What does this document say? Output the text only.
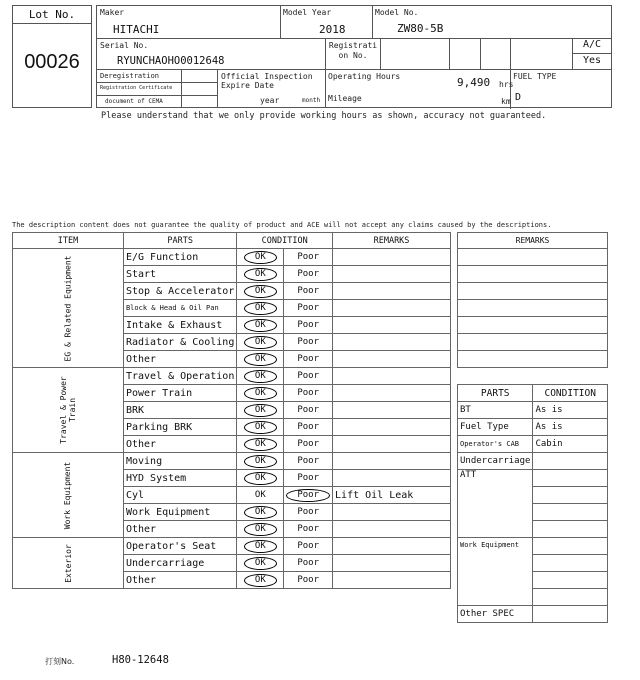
Lot No.
00026
Maker
HITACHI
Model Year
2018
Model No.
ZW80-5B
Serial No.
RYUNCHAOHO0012648
Registrati on No.
A/C
Yes
Deregistration
Registration Certificate
document of CEMA
Official Inspection
Expire Date
year	month
Operating Hours	9,490 hrs
Mileage	km
FUEL TYPE
D
Please understand that we only provide working hours as shown, accuracy not guaranteed.
The description content does not guarantee the quality of product and ACE will not accept any claims caused by the descriptions.
ITEM	PARTS	CONDITION		REMARKS
EG & Related Equipment	E/G Function	OK	Poor	
	Start	OK	Poor	
	Stop & Accelerator	OK	Poor	
	Block & Head & Oil Pan	OK	Poor	
	Intake & Exhaust	OK	Poor	
	Radiator & Cooling	OK	Poor	
	Other	OK	Poor	
Travel & Power Train	Travel & Operation	OK	Poor	
	Power Train	OK	Poor	
	BRK	OK	Poor	
	Parking BRK	OK	Poor	
	Other	OK	Poor	
Work Equipment	Moving	OK	Poor	
	HYD System	OK	Poor	
	Cyl	OK	Poor	Lift Oil Leak
	Work Equipment	OK	Poor	
	Other	OK	Poor	
Exterior	Operator's Seat	OK	Poor	
	Undercarriage	OK	Poor	
	Other	OK	Poor	
REMARKS

PARTS	CONDITION
BT	As is
Fuel Type	As is
Operator's CAB	Cabin
Undercarriage	
ATT	

Work Equipment	

Other SPEC	
打刻No.	H80-12648
